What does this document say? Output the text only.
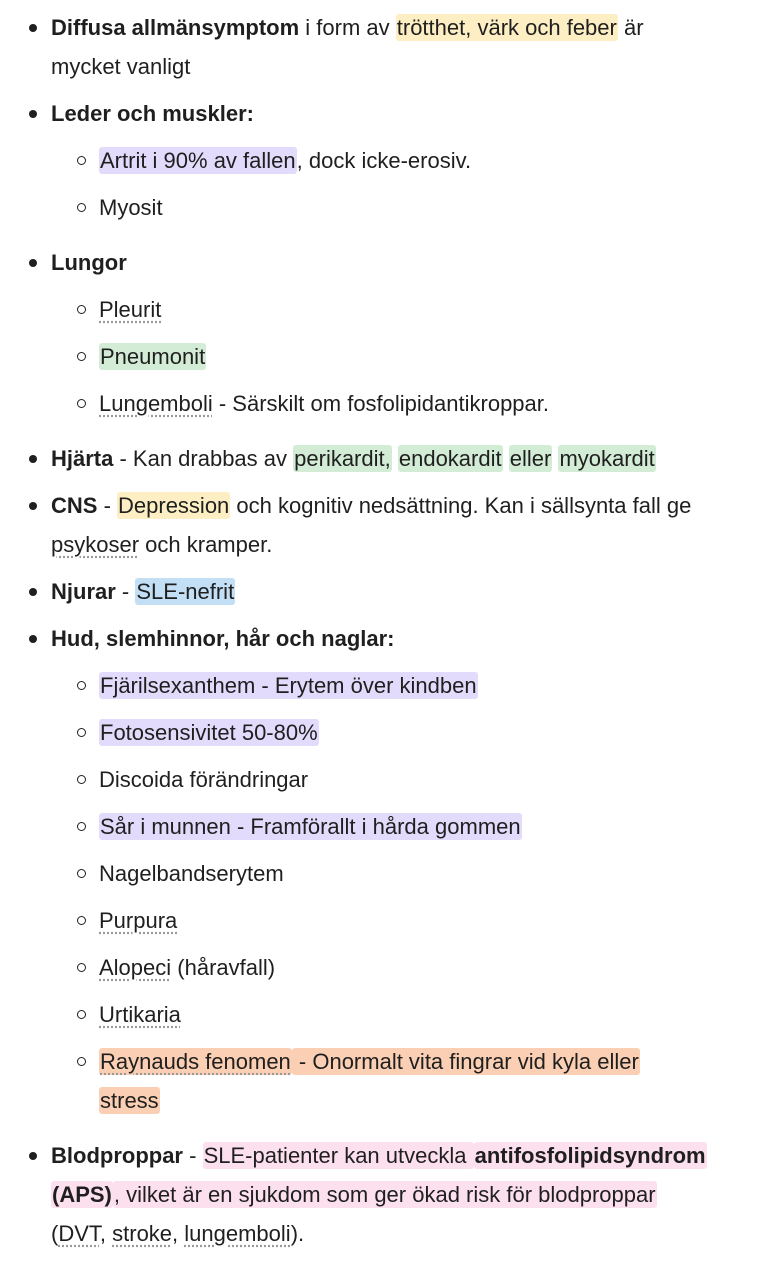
Diffusa allmänsymptom i form av trötthet, värk och feber är
mycket vanligt
Leder och muskler:
Artrit i 90% av fallen, dock icke-erosiv.
Myosit
Lungor
Pleurit
Pneumonit
Lungemboli - Särskilt om fosfolipidantikroppar.
Hjärta - Kan drabbas av perikardit, endokardit eller myokardit
CNS - Depression och kognitiv nedsättning. Kan i sällsynta fall ge
psykoser och kramper.
Njurar - SLE-nefrit
Hud, slemhinnor, hår och naglar:
Fjärilsexanthem - Erytem över kindben
Fotosensivitet 50-80%
Discoida förändringar
Sår i munnen - Framförallt i hårda gommen
Nagelbandserytem
Purpura
Alopeci (håravfall)
Urtikaria
Raynauds fenomen - Onormalt vita fingrar vid kyla eller
stress
Blodproppar - SLE-patienter kan utveckla antifosfolipidsyndrom
(APS), vilket är en sjukdom som ger ökad risk för blodproppar
(DVT, stroke, lungemboli).
